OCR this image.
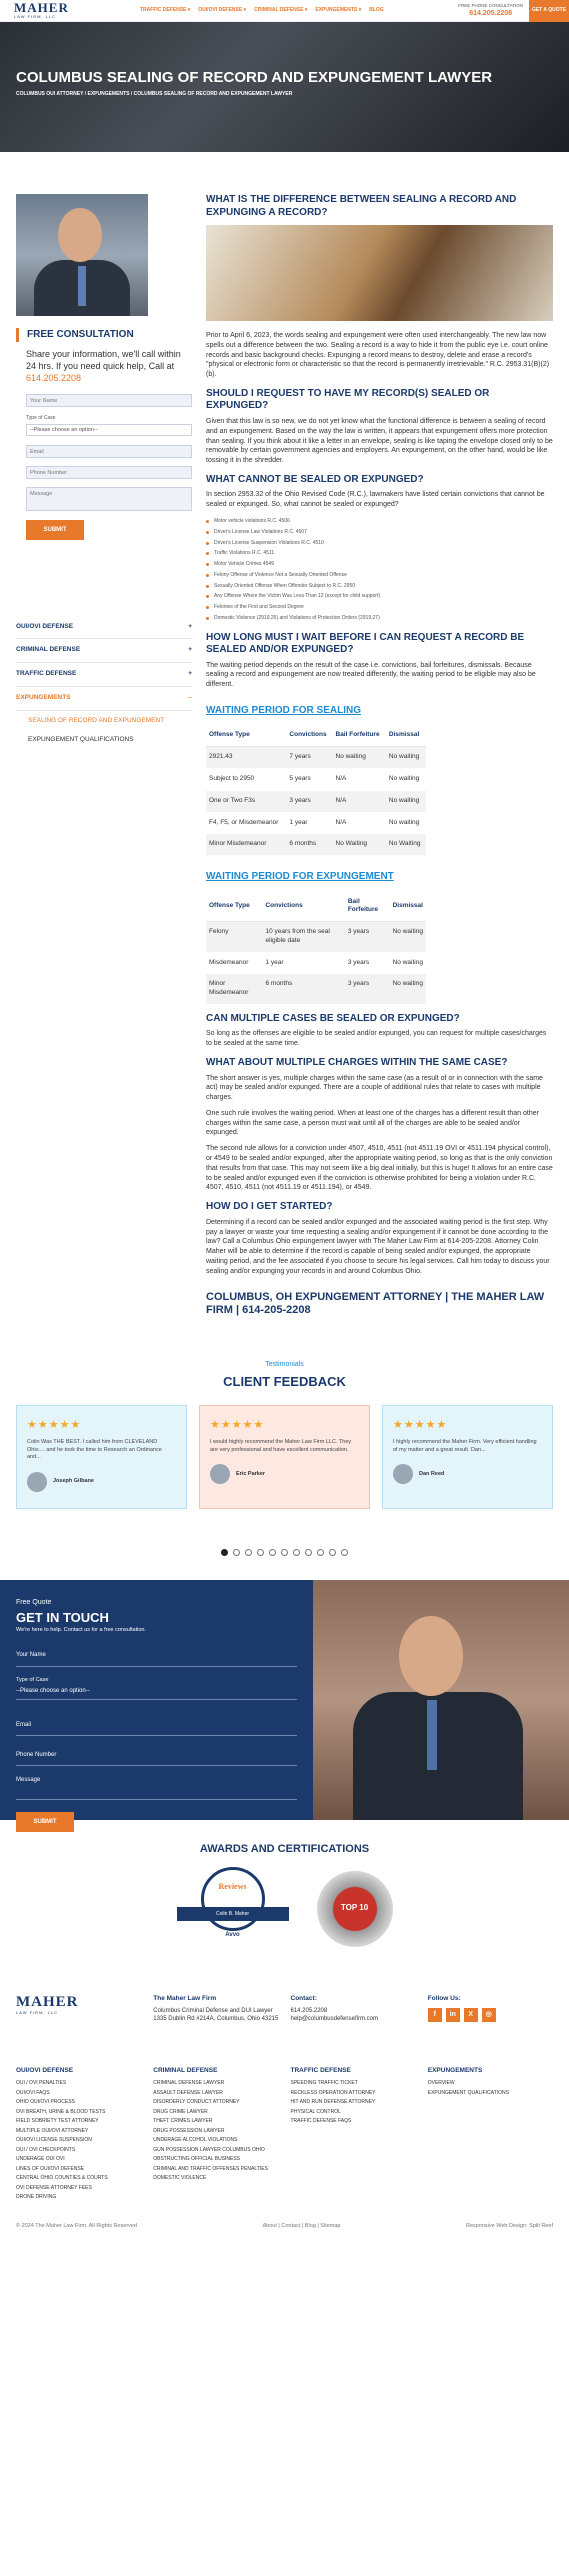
MAHER
LAW FIRM, LLC
TRAFFIC DEFENSE ▾ OUI/OVI DEFENSE ▾ CRIMINAL DEFENSE ▾ EXPUNGEMENTS ▾ BLOG
FREE PHONE CONSULTATION
614.205.2208	GET A QUOTE
COLUMBUS SEALING OF RECORD AND EXPUNGEMENT LAWYER
COLUMBUS OUI ATTORNEY / EXPUNGEMENTS / COLUMBUS SEALING OF RECORD AND EXPUNGEMENT LAWYER
FREE CONSULTATION
Share your information, we'll call within 24 hrs. If you need quick help, Call at 614.205.2208
Your Name
Type of Case
--Please choose an option--
Email
Phone Number
Message
SUBMIT
OUI/OVI DEFENSE	+
CRIMINAL DEFENSE	+
TRAFFIC DEFENSE	+
EXPUNGEMENTS	–
SEALING OF RECORD AND EXPUNGEMENT
EXPUNGEMENT QUALIFICATIONS
WHAT IS THE DIFFERENCE BETWEEN SEALING A RECORD AND EXPUNGING A RECORD?

Prior to April 6, 2023, the words sealing and expungement were often used interchangeably. The new law now spells out a difference between the two. Sealing a record is a way to hide it from the public eye i.e. court online records and basic background checks. Expunging a record means to destroy, delete and erase a record's "physical or electronic form or characteristic so that the record is permanently irretrievable." R.C. 2953.31(B)(2)(b).

SHOULD I REQUEST TO HAVE MY RECORD(S) SEALED OR EXPUNGED?

Given that this law is so new, we do not yet know what the functional difference is between a sealing of record and an expungement. Based on the way the law is written, it appears that expungement offers more protection than sealing. If you think about it like a letter in an envelope, sealing is like taping the envelope closed only to be removable by certain government agencies and employers. An expungement, on the other hand, would be like tossing it in the shredder.

WHAT CANNOT BE SEALED OR EXPUNGED?

In section 2953.32 of the Ohio Revised Code (R.C.), lawmakers have listed certain convictions that cannot be sealed or expunged. So, what cannot be sealed or expunged?

Motor vehicle violations R.C. 4506
Driver's License Law Violations R.C. 4507
Driver's License Suspension Violations R.C. 4510
Traffic Violations R.C. 4511
Motor Vehicle Crimes 4549
Felony Offense of Violence Not a Sexually Oriented Offense
Sexually Oriented Offense When Offender Subject to R.C. 2950
Any Offense Where the Victim Was Less Than 13 (except for child support)
Felonies of the First and Second Degree
Domestic Violence (2919.25) and Violations of Protection Orders (2919.27)
HOW LONG MUST I WAIT BEFORE I CAN REQUEST A RECORD BE SEALED AND/OR EXPUNGED?

The waiting period depends on the result of the case i.e. convictions, bail forfeitures, dismissals. Because sealing a record and expungement are now treated differently, the waiting period to be eligible may also be different.

WAITING PERIOD FOR SEALING
Offense Type	Convictions	Bail Forfeiture	Dismissal
2921.43	7 years	No waiting	No waiting
Subject to 2950	5 years	N/A	No waiting
One or Two F3s	3 years	N/A	No waiting
F4, F5, or Misdemeanor	1 year	N/A	No waiting
Minor Misdemeanor	6 months	No Waiting	No Waiting
WAITING PERIOD FOR EXPUNGEMENT
Offense Type	Convictions	Bail Forfeiture	Dismissal
Felony	10 years from the seal eligible date	3 years	No waiting
Misdemeanor	1 year	3 years	No waiting
Minor Misdemeanor	6 months	3 years	No waiting
CAN MULTIPLE CASES BE SEALED OR EXPUNGED?

So long as the offenses are eligible to be sealed and/or expunged, you can request for multiple cases/charges to be sealed at the same time.

WHAT ABOUT MULTIPLE CHARGES WITHIN THE SAME CASE?

The short answer is yes, multiple charges within the same case (as a result of or in connection with the same act) may be sealed and/or expunged. There are a couple of additional rules that relate to cases with multiple charges.

One such rule involves the waiting period. When at least one of the charges has a different result than other charges within the same case, a person must wait until all of the charges are able to be sealed and/or expunged.

The second rule allows for a conviction under 4507, 4510, 4511 (not 4511.19 OVI or 4511.194 physical control), or 4549 to be sealed and/or expunged, after the appropriate waiting period, so long as that is the only conviction that results from that case. This may not seem like a big deal initially, but this is huge! It allows for an entire case to be sealed and/or expunged even if the conviction is otherwise prohibited for being a violation under R.C. 4507, 4510, 4511 (not 4511.19 or 4511.194), or 4549.

HOW DO I GET STARTED?

Determining if a record can be sealed and/or expunged and the associated waiting period is the first step. Why pay a lawyer or waste your time requesting a sealing and/or expungement if it cannot be done according to the law? Call a Columbus Ohio expungement lawyer with The Maher Law Firm at 614-205-2208. Attorney Colin Maher will be able to determine if the record is capable of being sealed and/or expunged, the appropriate waiting period, and the fee associated if you choose to secure his legal services. Call him today to discuss your sealing and/or expunging your records in and around Columbus Ohio.

COLUMBUS, OH EXPUNGEMENT ATTORNEY | THE MAHER LAW FIRM | 614-205-2208
Testimonials
CLIENT FEEDBACK
★★★★★

Colin Was THE BEST. I called him from CLEVELAND Ohio.... and he took the time to Research an Ordinance and...

Joseph Gilbane
★★★★★

I would highly recommend the Maher Law Firm LLC. They are very professional and have excellent communication.

Eric Parker
★★★★★

I highly recommend the Maher Firm. Very efficient handling of my matter and a great result. Dan...

Dan Reed
Free Quote
GET IN TOUCH
We're here to help. Contact us for a free consultation.
Your Name
Type of Case
--Please choose an option--
Email
Phone Number
Message
SUBMIT
AWARDS AND CERTIFICATIONS
Reviews
Colin B. Maher
Avvo
TOP 10
MAHER
LAW FIRM, LLC
The Maher Law Firm
Columbus Criminal Defense and DUI Lawyer
1335 Dublin Rd #214A, Columbus, Ohio 43215
Contact:
614.205.2208
help@columbusdefensefirm.com
Follow Us:
f	in	X	◎
OUI/OVI DEFENSE
OUI / OVI PENALTIES
OUI/OVI FAQS
OHIO OUI/OVI PROCESS
OVI BREATH, URINE & BLOOD TESTS
FIELD SOBRIETY TEST ATTORNEY
MULTIPLE OUI/OVI ATTORNEY
OUI/OVI LICENSE SUSPENSION
OUI / OVI CHECKPOINTS
UNDERAGE OUI OVI
LINES OF OUI/OVI DEFENSE
CENTRAL OHIO COUNTIES & COURTS
OVI DEFENSE ATTORNEY FEES
DRONE DRIVING
CRIMINAL DEFENSE
CRIMINAL DEFENSE LAWYER
ASSAULT DEFENSE LAWYER
DISORDERLY CONDUCT ATTORNEY
DRUG CRIME LAWYER
THEFT CRIMES LAWYER
DRUG POSSESSION LAWYER
UNDERAGE ALCOHOL VIOLATIONS
GUN POSSESSION LAWYER COLUMBUS OHIO
OBSTRUCTING OFFICIAL BUSINESS
CRIMINAL AND TRAFFIC OFFENSES PENALTIES
DOMESTIC VIOLENCE
TRAFFIC DEFENSE
SPEEDING TRAFFIC TICKET
RECKLESS OPERATION ATTORNEY
HIT AND RUN DEFENSE ATTORNEY
PHYSICAL CONTROL
TRAFFIC DEFENSE FAQS
EXPUNGEMENTS
OVERVIEW
EXPUNGEMENT QUALIFICATIONS
© 2024 The Maher Law Firm. All Rights Reserved	About | Contact | Blog | Sitemap	Responsive Web Design: Split Reef
